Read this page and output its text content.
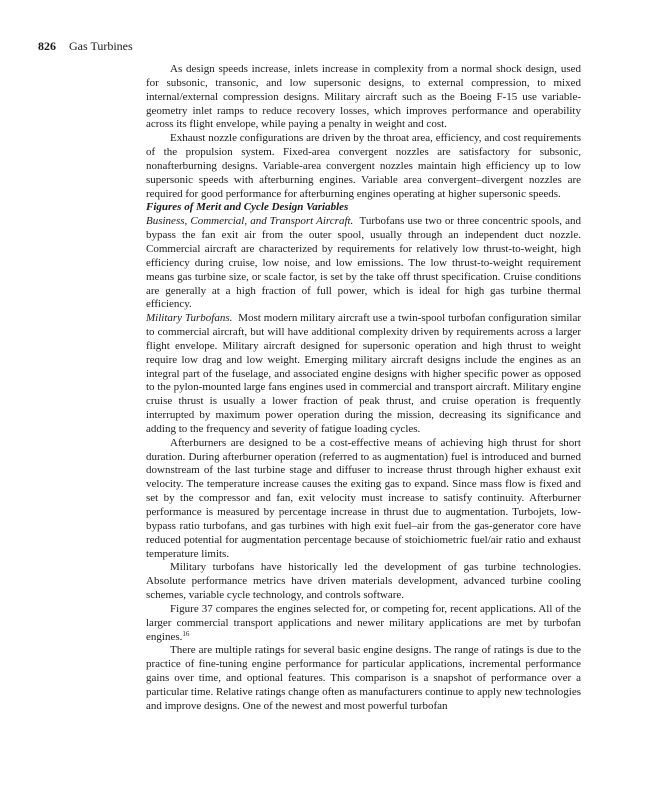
826 Gas Turbines

As design speeds increase, inlets increase in complexity from a normal shock design, used for subsonic, transonic, and low supersonic designs, to external compression, to mixed internal/external compression designs. Military aircraft such as the Boeing F-15 use variable-geometry inlet ramps to reduce recovery losses, which improves performance and operability across its flight envelope, while paying a penalty in weight and cost.

Exhaust nozzle configurations are driven by the throat area, efficiency, and cost requirements of the propulsion system. Fixed-area convergent nozzles are satisfactory for subsonic, nonafterburning designs. Variable-area convergent nozzles maintain high efficiency up to low supersonic speeds with afterburning engines. Variable area convergent–divergent nozzles are required for good performance for afterburning engines operating at higher supersonic speeds.

Figures of Merit and Cycle Design Variables

Business, Commercial, and Transport Aircraft. Turbofans use two or three concentric spools, and bypass the fan exit air from the outer spool, usually through an independent duct nozzle. Commercial aircraft are characterized by requirements for relatively low thrust-to-weight, high efficiency during cruise, low noise, and low emissions. The low thrust-to-weight requirement means gas turbine size, or scale factor, is set by the take off thrust specification. Cruise conditions are generally at a high fraction of full power, which is ideal for high gas turbine thermal efficiency.

Military Turbofans. Most modern military aircraft use a twin-spool turbofan configuration similar to commercial aircraft, but will have additional complexity driven by requirements across a larger flight envelope. Military aircraft designed for supersonic operation and high thrust to weight require low drag and low weight. Emerging military aircraft designs include the engines as an integral part of the fuselage, and associated engine designs with higher specific power as opposed to the pylon-mounted large fans engines used in commercial and transport aircraft. Military engine cruise thrust is usually a lower fraction of peak thrust, and cruise operation is frequently interrupted by maximum power operation during the mission, decreasing its significance and adding to the frequency and severity of fatigue loading cycles.

Afterburners are designed to be a cost-effective means of achieving high thrust for short duration. During afterburner operation (referred to as augmentation) fuel is introduced and burned downstream of the last turbine stage and diffuser to increase thrust through higher exhaust exit velocity. The temperature increase causes the exiting gas to expand. Since mass flow is fixed and set by the compressor and fan, exit velocity must increase to satisfy continuity. Afterburner performance is measured by percentage increase in thrust due to augmentation. Turbojets, low-bypass ratio turbofans, and gas turbines with high exit fuel–air from the gas-generator core have reduced potential for augmentation percentage because of stoichiometric fuel/air ratio and exhaust temperature limits.

Military turbofans have historically led the development of gas turbine technologies. Absolute performance metrics have driven materials development, advanced turbine cooling schemes, variable cycle technology, and controls software.

Figure 37 compares the engines selected for, or competing for, recent applications. All of the larger commercial transport applications and newer military applications are met by turbofan engines.$^{16}$

There are multiple ratings for several basic engine designs. The range of ratings is due to the practice of fine-tuning engine performance for particular applications, incremental performance gains over time, and optional features. This comparison is a snapshot of performance over a particular time. Relative ratings change often as manufacturers continue to apply new technologies and improve designs. One of the newest and most powerful turbofan
